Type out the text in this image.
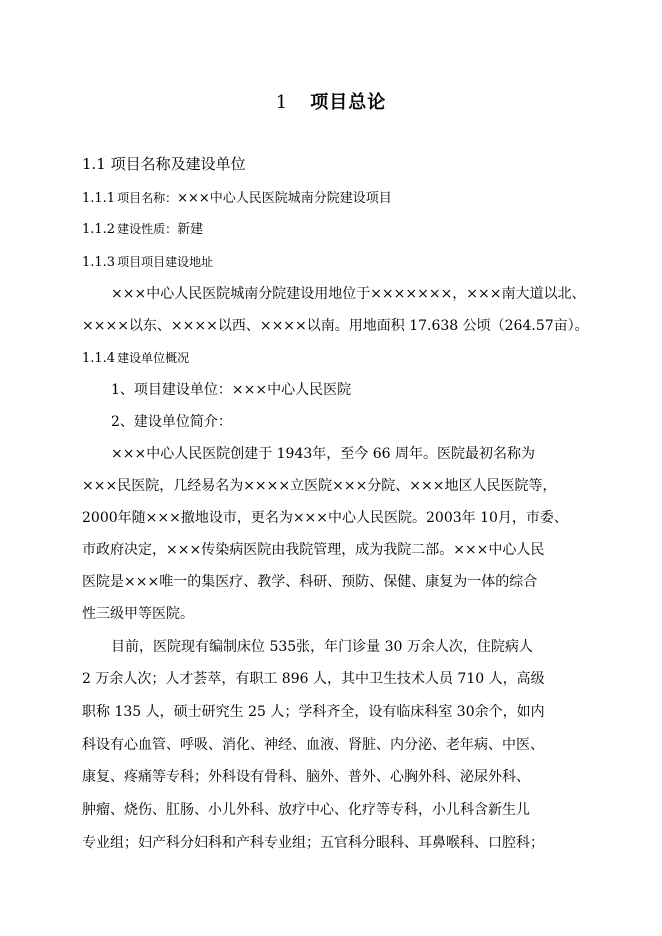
1 项目总论
1.1 项目名称及建设单位
1.1.1 项目名称：×××中心人民医院城南分院建设项目
1.1.2 建设性质：新建
1.1.3 项目项目建设地址
×××中心人民医院城南分院建设用地位于×××××××，×××南大道以北、
××××以东、××××以西、××××以南。用地面积 17.638 公顷（264.57亩）。
1.1.4 建设单位概况
1、项目建设单位：×××中心人民医院
2、建设单位简介：
×××中心人民医院创建于 1943年，至今 66 周年。医院最初名称为
×××民医院，几经易名为××××立医院×××分院、×××地区人民医院等，
2000年随×××撤地设市，更名为×××中心人民医院。2003年 10月，市委、
市政府决定，×××传染病医院由我院管理，成为我院二部。×××中心人民
医院是×××唯一的集医疗、教学、科研、预防、保健、康复为一体的综合
性三级甲等医院。
目前，医院现有编制床位 535张，年门诊量 30 万余人次，住院病人
2 万余人次；人才荟萃，有职工 896 人，其中卫生技术人员 710 人，高级
职称 135 人，硕士研究生 25 人；学科齐全，设有临床科室 30余个，如内
科设有心血管、呼吸、消化、神经、血液、肾脏、内分泌、老年病、中医、
康复、疼痛等专科；外科设有骨科、脑外、普外、心胸外科、泌尿外科、
肿瘤、烧伤、肛肠、小儿外科、放疗中心、化疗等专科，小儿科含新生儿
专业组；妇产科分妇科和产科专业组；五官科分眼科、耳鼻喉科、口腔科；
